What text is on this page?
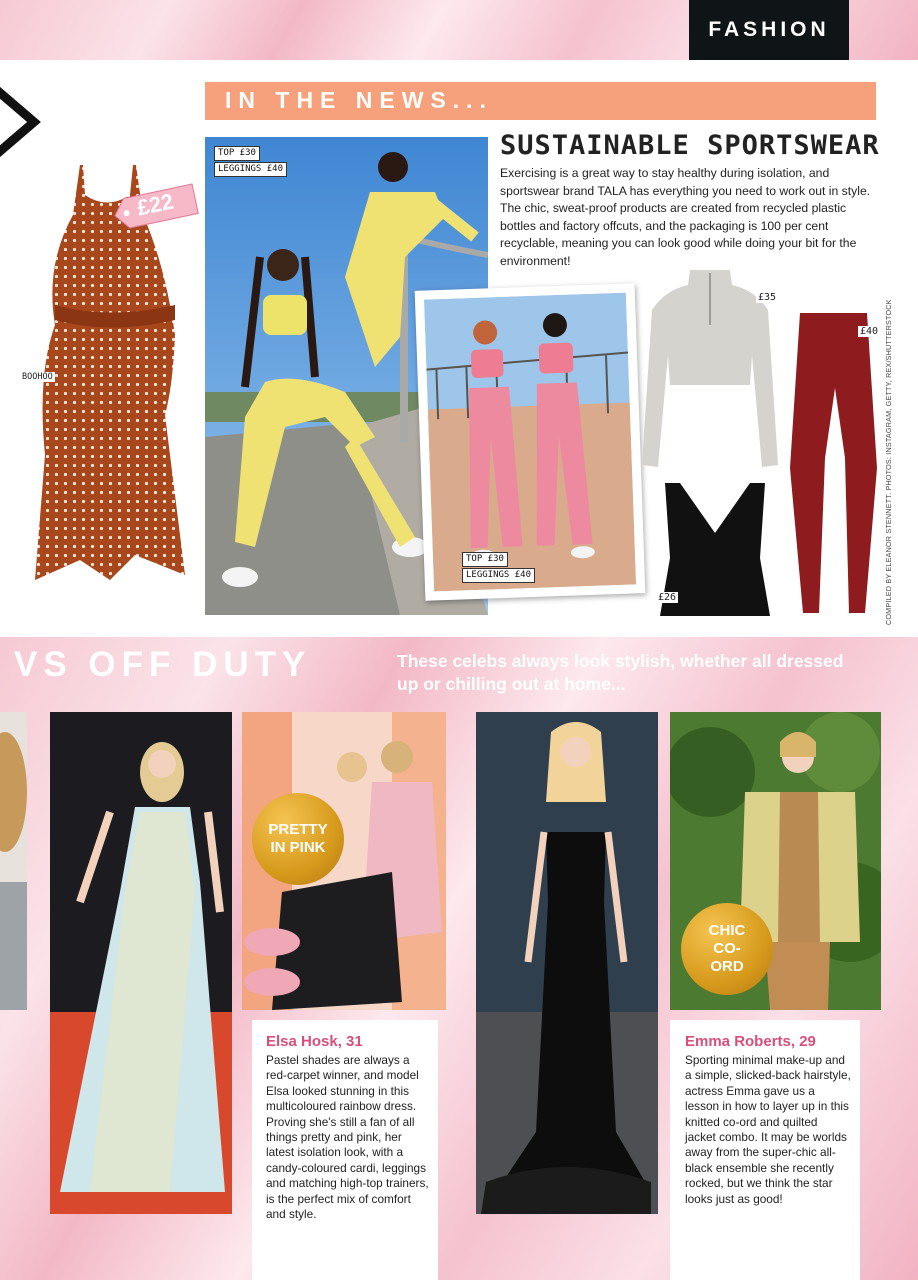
FASHION
IN THE NEWS...
£22
BOOHOO
TOP £30
LEGGINGS £40
TOP £30
LEGGINGS £40
SUSTAINABLE SPORTSWEAR
Exercising is a great way to stay healthy during isolation, and sportswear brand TALA has everything you need to work out in style. The chic, sweat-proof products are created from recycled plastic bottles and factory offcuts, and the packaging is 100 per cent recyclable, meaning you can look good while doing your bit for the environment!
£35
£40
£26	COMPILED BY ELEANOR STENNETT. PHOTOS: INSTAGRAM, GETTY, REX/SHUTTERSTOCK
VS OFF DUTY	These celebs always look stylish, whether all dressed up or chilling out at home...
PRETTY IN PINK
Elsa Hosk, 31
Pastel shades are always a red-carpet winner, and model Elsa looked stunning in this multicoloured rainbow dress. Proving she's still a fan of all things pretty and pink, her latest isolation look, with a candy-coloured cardi, leggings and matching high-top trainers, is the perfect mix of comfort and style.
CHIC CO-ORD
Emma Roberts, 29
Sporting minimal make-up and a simple, slicked-back hairstyle, actress Emma gave us a lesson in how to layer up in this knitted co-ord and quilted jacket combo. It may be worlds away from the super-chic all-black ensemble she recently rocked, but we think the star looks just as good!
